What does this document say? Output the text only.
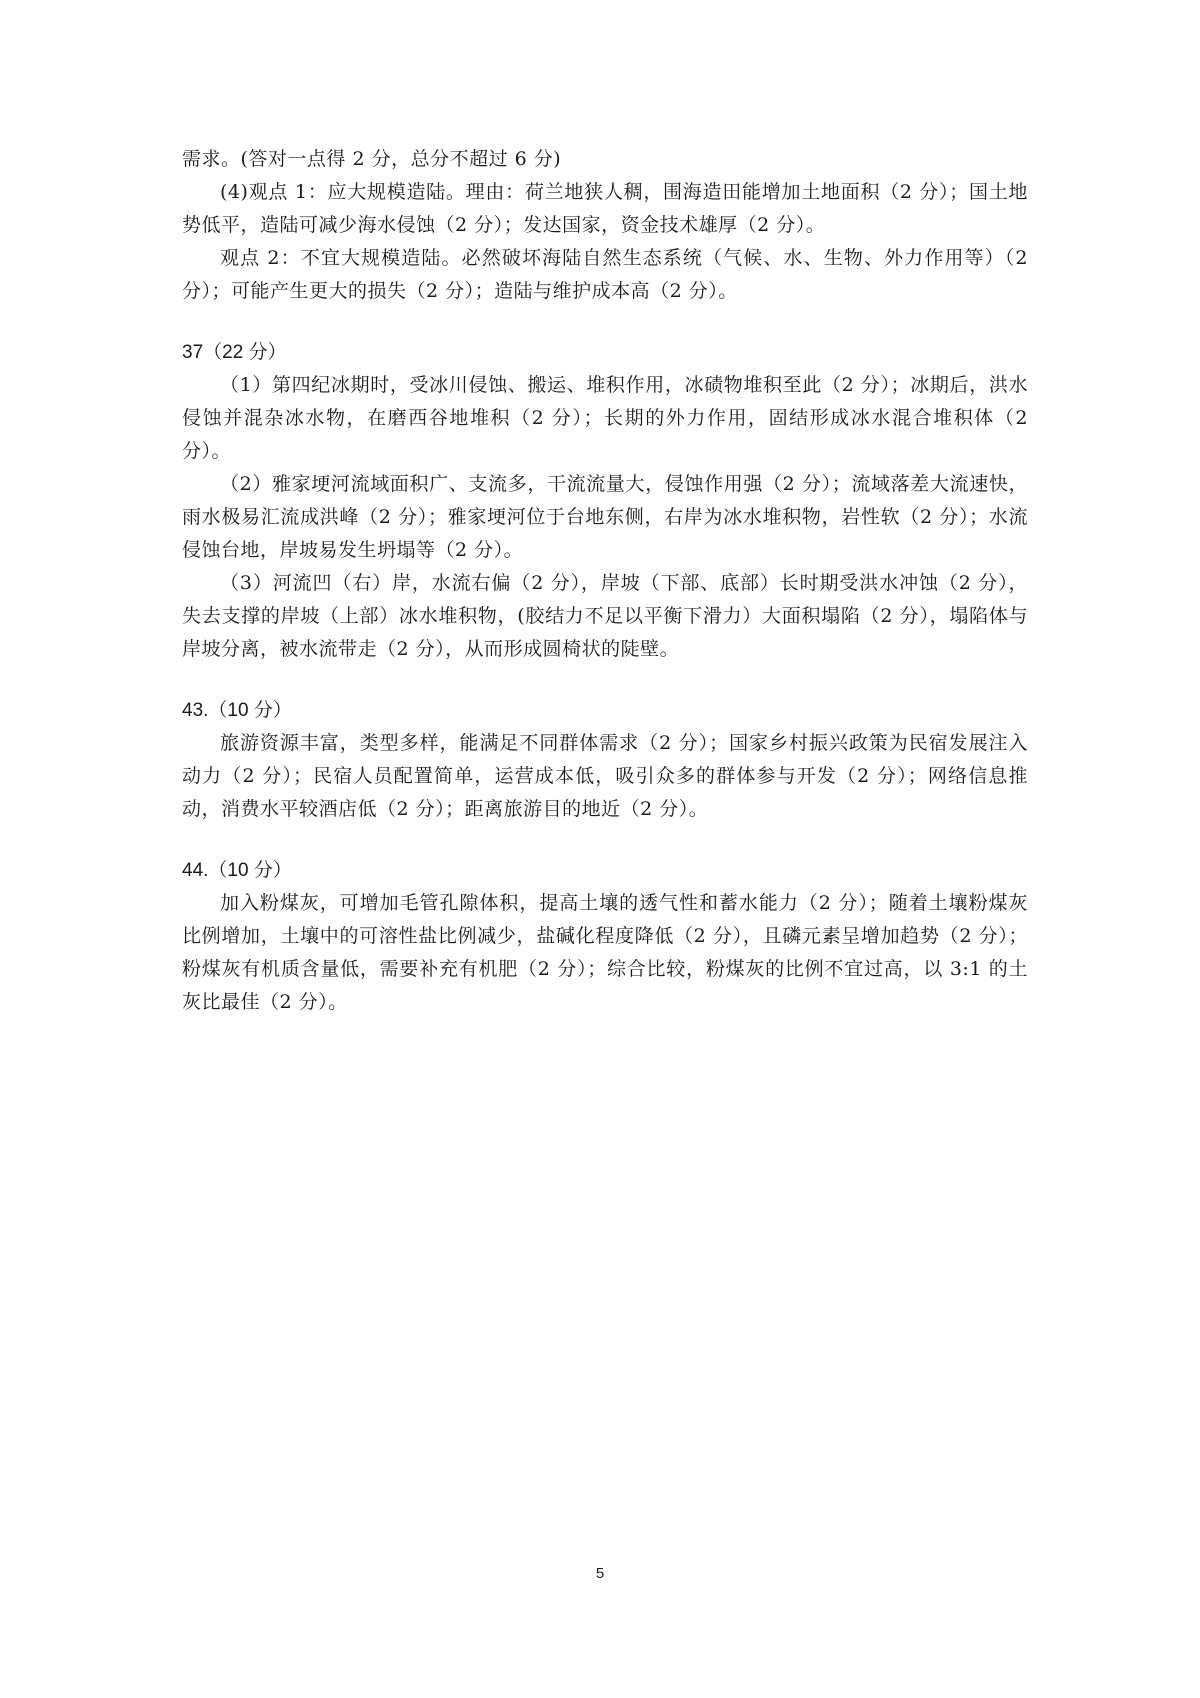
需求。(答对一点得 2 分，总分不超过 6 分)

(4)观点 1：应大规模造陆。理由：荷兰地狭人稠，围海造田能增加土地面积（2 分）；国土地势低平，造陆可减少海水侵蚀（2 分）；发达国家，资金技术雄厚（2 分）。

观点 2：不宜大规模造陆。必然破坏海陆自然生态系统（气候、水、生物、外力作用等）（2 分）；可能产生更大的损失（2 分）；造陆与维护成本高（2 分）。

37（22 分）

（1）第四纪冰期时，受冰川侵蚀、搬运、堆积作用，冰碛物堆积至此（2 分）；冰期后，洪水侵蚀并混杂冰水物，在磨西谷地堆积（2 分）；长期的外力作用，固结形成冰水混合堆积体（2 分）。

（2）雅家埂河流域面积广、支流多，干流流量大，侵蚀作用强（2 分）；流域落差大流速快，雨水极易汇流成洪峰（2 分）；雅家埂河位于台地东侧，右岸为冰水堆积物，岩性软（2 分）；水流侵蚀台地，岸坡易发生坍塌等（2 分）。

（3）河流凹（右）岸，水流右偏（2 分），岸坡（下部、底部）长时期受洪水冲蚀（2 分），失去支撑的岸坡（上部）冰水堆积物，(胶结力不足以平衡下滑力）大面积塌陷（2 分），塌陷体与岸坡分离，被水流带走（2 分），从而形成圆椅状的陡壁。

43.（10 分）

旅游资源丰富，类型多样，能满足不同群体需求（2 分）；国家乡村振兴政策为民宿发展注入动力（2 分）；民宿人员配置简单，运营成本低，吸引众多的群体参与开发（2 分）；网络信息推动，消费水平较酒店低（2 分）；距离旅游目的地近（2 分）。

44.（10 分）

加入粉煤灰，可增加毛管孔隙体积，提高土壤的透气性和蓄水能力（2 分）；随着土壤粉煤灰比例增加，土壤中的可溶性盐比例减少，盐碱化程度降低（2 分），且磷元素呈增加趋势（2 分）；粉煤灰有机质含量低，需要补充有机肥（2 分）；综合比较，粉煤灰的比例不宜过高，以 3:1 的土灰比最佳（2 分）。

5
